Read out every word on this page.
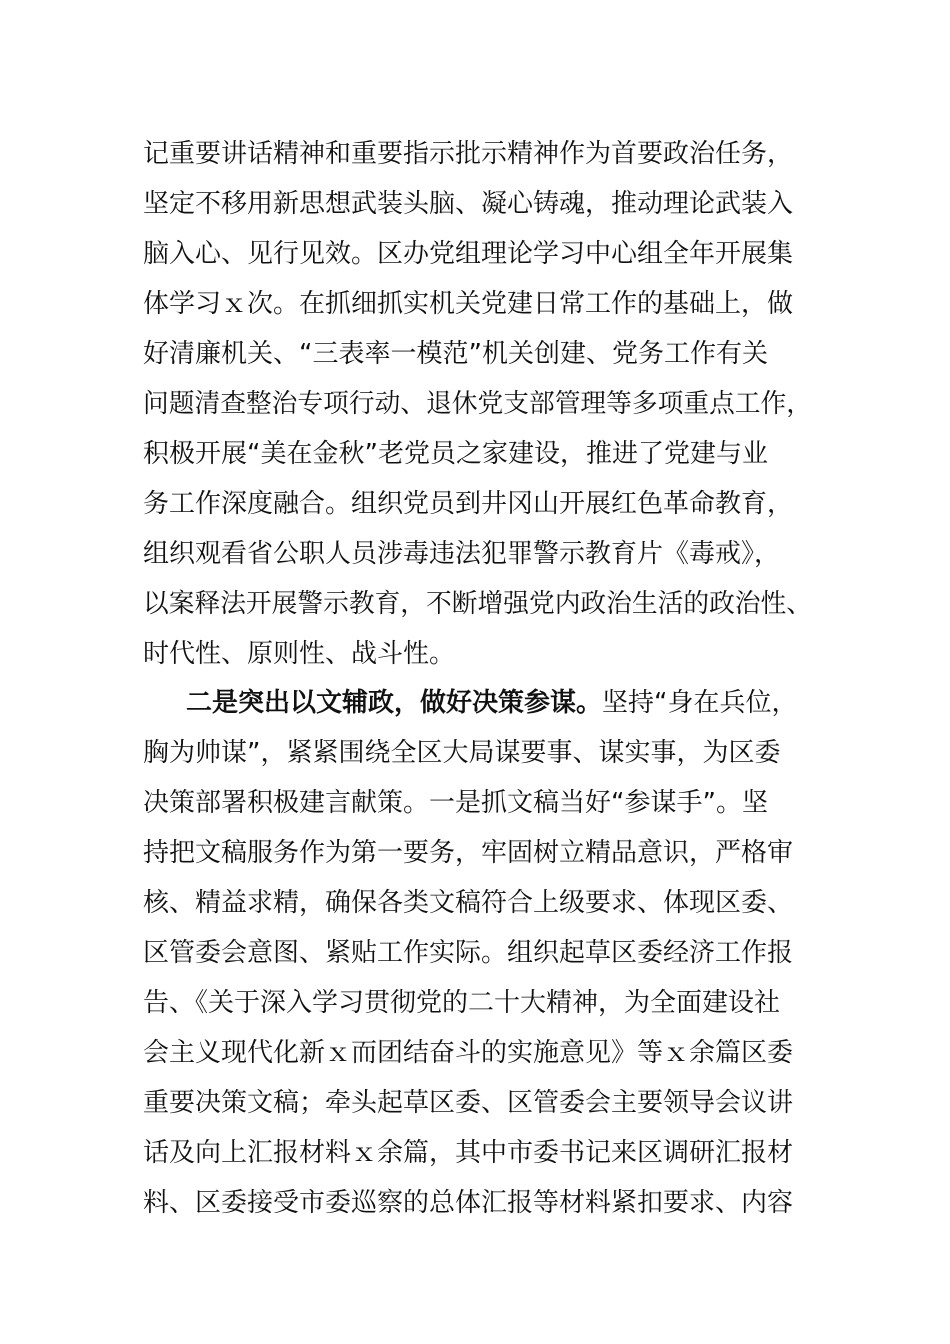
记重要讲话精神和重要指示批示精神作为首要政治任务，
坚定不移用新思想武装头脑、凝心铸魂，推动理论武装入
脑入心、见行见效。区办党组理论学习中心组全年开展集
体学习ｘ次。在抓细抓实机关党建日常工作的基础上，做
好清廉机关、“三表率一模范”机关创建、党务工作有关
问题清查整治专项行动、退休党支部管理等多项重点工作，
积极开展“美在金秋”老党员之家建设，推进了党建与业
务工作深度融合。组织党员到井冈山开展红色革命教育，
组织观看省公职人员涉毒违法犯罪警示教育片《毒戒》，
以案释法开展警示教育，不断增强党内政治生活的政治性、
时代性、原则性、战斗性。
二是突出以文辅政，做好决策参谋。坚持“身在兵位，
胸为帅谋”，紧紧围绕全区大局谋要事、谋实事，为区委
决策部署积极建言献策。一是抓文稿当好“参谋手”。坚
持把文稿服务作为第一要务，牢固树立精品意识，严格审
核、精益求精，确保各类文稿符合上级要求、体现区委、
区管委会意图、紧贴工作实际。组织起草区委经济工作报
告、《关于深入学习贯彻党的二十大精神，为全面建设社
会主义现代化新ｘ而团结奋斗的实施意见》等ｘ余篇区委
重要决策文稿；牵头起草区委、区管委会主要领导会议讲
话及向上汇报材料ｘ余篇，其中市委书记来区调研汇报材
料、区委接受市委巡察的总体汇报等材料紧扣要求、内容
